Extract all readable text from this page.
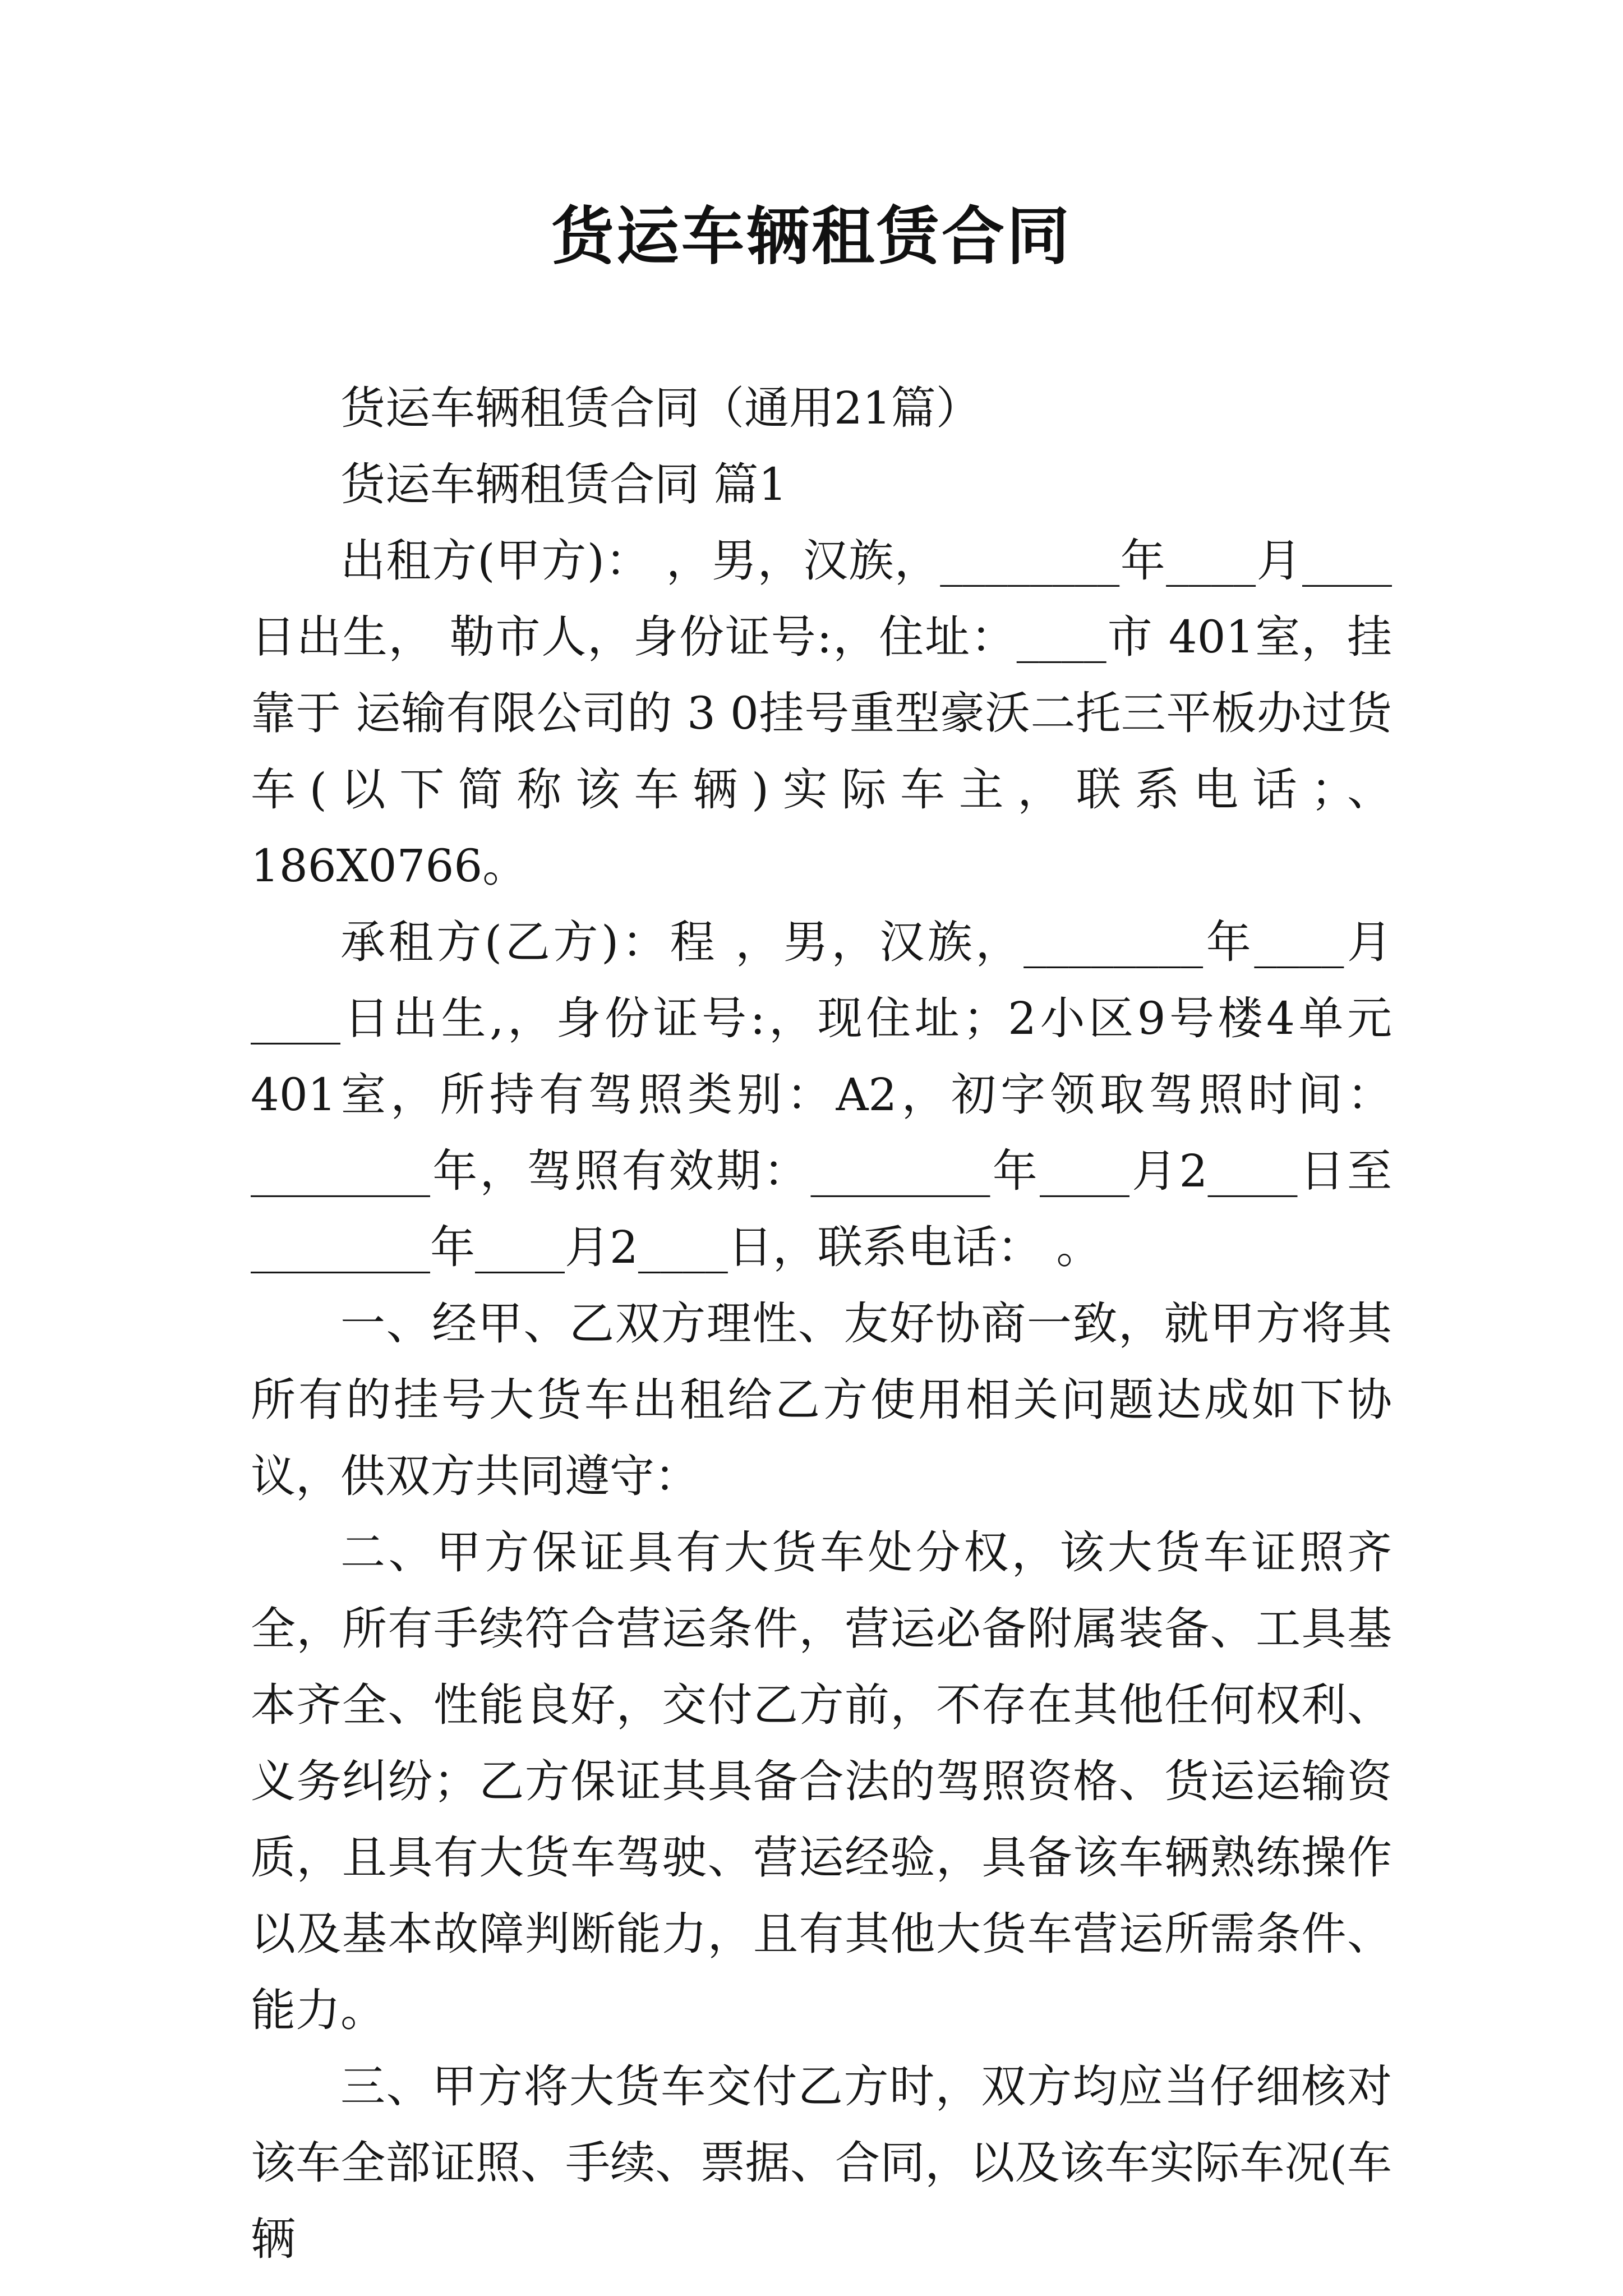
货运车辆租赁合同

货运车辆租赁合同（通用21篇）

货运车辆租赁合同 篇1

出租方(甲方)： ，男，汉族，________年____月____日出生， 勒市人，身份证号:，住址：____市 401室，挂靠于 运输有限公司的 3 0挂号重型豪沃二托三平板办过货车(以下简称该车辆)实际车主，联系电话；、186X0766。

承租方(乙方)：程 ，男，汉族，________年____月____日出生,，身份证号:，现住址；2小区9号楼4单元401室，所持有驾照类别：A2，初字领取驾照时间：________年，驾照有效期：________年____月2____日至________年____月2____日，联系电话： 。

一、经甲、乙双方理性、友好协商一致，就甲方将其所有的挂号大货车出租给乙方使用相关问题达成如下协议，供双方共同遵守：

二、甲方保证具有大货车处分权，该大货车证照齐全，所有手续符合营运条件，营运必备附属装备、工具基本齐全、性能良好，交付乙方前，不存在其他任何权利、义务纠纷；乙方保证其具备合法的驾照资格、货运运输资质，且具有大货车驾驶、营运经验，具备该车辆熟练操作以及基本故障判断能力，且有其他大货车营运所需条件、能力。

三、甲方将大货车交付乙方时，双方均应当仔细核对该车全部证照、手续、票据、合同，以及该车实际车况(车辆
